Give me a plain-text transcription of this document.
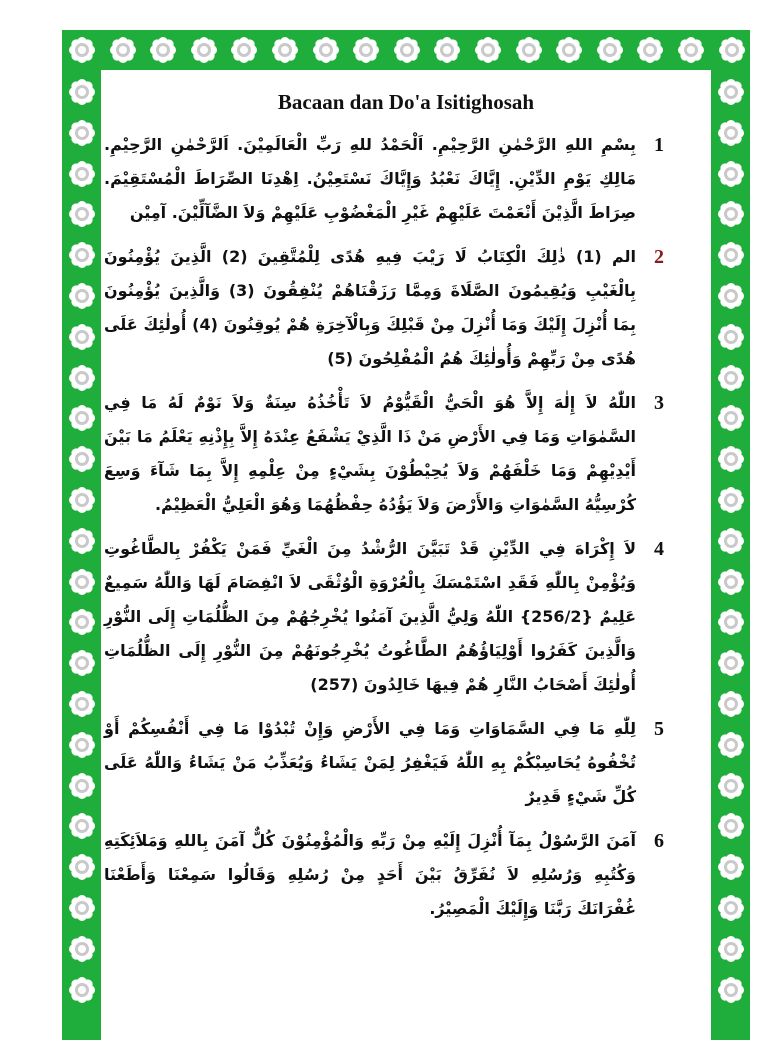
Bacaan dan Do'a Isitighosah
1
بِسْمِ اللهِ الرَّحْمٰنِ الرَّحِيْمِ. اَلْحَمْدُ للهِ رَبِّ الْعَالَمِيْنَ. اَلرَّحْمٰنِ الرَّحِيْمِ. مَالِكِ يَوْمِ الدِّيْنِ. إِيَّاكَ نَعْبُدُ وَإِيَّاكَ نَسْتَعِيْنُ. اِهْدِنَا الصِّرَاطَ الْمُسْتَقِيْمَ. صِرَاطَ الَّذِيْنَ أَنْعَمْتَ عَلَيْهِمْ غَيْرِ الْمَغْضُوْبِ عَلَيْهِمْ وَلاَ الضَّآلِّيْنَ. آمِيْن
2
الم (1) ذٰلِكَ الْكِتَابُ لَا رَيْبَ فِيهِ هُدًى لِلْمُتَّقِينَ (2) الَّذِينَ يُؤْمِنُونَ بِالْغَيْبِ وَيُقِيمُونَ الصَّلَاةَ وَمِمَّا رَزَقْنَاهُمْ يُنْفِقُونَ (3) وَالَّذِينَ يُؤْمِنُونَ بِمَا أُنْزِلَ إِلَيْكَ وَمَا أُنْزِلَ مِنْ قَبْلِكَ وَبِالْآخِرَةِ هُمْ يُوقِنُونَ (4) أُولٰئِكَ عَلَى هُدًى مِنْ رَبِّهِمْ وَأُولٰئِكَ هُمُ الْمُفْلِحُونَ (5)
3
اللّٰهُ لاَ إِلٰهَ إِلاَّ هُوَ الْحَيُّ الْقَيُّوْمُ لاَ تَأْخُذُهُ سِنَةٌ وَلاَ نَوْمٌ لَهُ مَا فِي السَّمٰوَاتِ وَمَا فِي الأَرْضِ مَنْ ذَا الَّذِيْ يَشْفَعُ عِنْدَهُ إِلاَّ بِإِذْنِهِ يَعْلَمُ مَا بَيْنَ أَيْدِيْهِمْ وَمَا خَلْفَهُمْ وَلاَ يُحِيْطُوْنَ بِشَيْءٍ مِنْ عِلْمِهِ إِلاَّ بِمَا شَآءَ وَسِعَ كُرْسِيُّهُ السَّمٰوَاتِ وَالأَرْضَ وَلاَ يَؤُدُهُ حِفْظُهُمَا وَهُوَ الْعَلِيُّ الْعَظِيْمُ.
4
لاَ إِكْرَاهَ فِي الدِّيْنِ قَدْ تَبَيَّنَ الرُّشْدُ مِنَ الْغَيِّ فَمَنْ يَكْفُرْ بِالطَّاغُوتِ وَيُؤْمِنْ بِاللّٰهِ فَقَدِ اسْتَمْسَكَ بِالْعُرْوَةِ الْوُثْقَى لاَ انْفِصَامَ لَهَا وَاللّٰهُ سَمِيعٌ عَلِيمٌ {256/2} اللّٰهُ وَلِيُّ الَّذِينَ آمَنُوا يُخْرِجُهُمْ مِنَ الظُّلُمَاتِ إِلَى النُّوْرِ وَالَّذِينَ كَفَرُوا أَوْلِيَاؤُهُمُ الطَّاغُوتُ يُخْرِجُونَهُمْ مِنَ النُّوْرِ إِلَى الظُّلُمَاتِ أُولٰئِكَ أَصْحَابُ النَّارِ هُمْ فِيهَا خَالِدُونَ (257)
5
لِلّٰهِ مَا فِي السَّمَاوَاتِ وَمَا فِي الأَرْضِ وَإِنْ تُبْدُوْا مَا فِي أَنْفُسِكُمْ أَوْ تُخْفُوهُ يُحَاسِبْكُمْ بِهِ اللّٰهُ فَيَغْفِرُ لِمَنْ يَشَاءُ وَيُعَذِّبُ مَنْ يَشَاءُ وَاللّٰهُ عَلَى كُلِّ شَيْءٍ قَدِيرٌ
6
آمَنَ الرَّسُوْلُ بِمَآ أُنْزِلَ إِلَيْهِ مِنْ رَبِّهِ وَالْمُؤْمِنُوْنَ كُلٌّ آمَنَ بِاللهِ وَمَلاَئِكَتِهِ وَكُتُبِهِ وَرُسُلِهِ لاَ نُفَرِّقُ بَيْنَ أَحَدٍ مِنْ رُسُلِهِ وَقَالُوا سَمِعْنَا وَأَطَعْنَا غُفْرَانَكَ رَبَّنَا وَإِلَيْكَ الْمَصِيْرُ.
